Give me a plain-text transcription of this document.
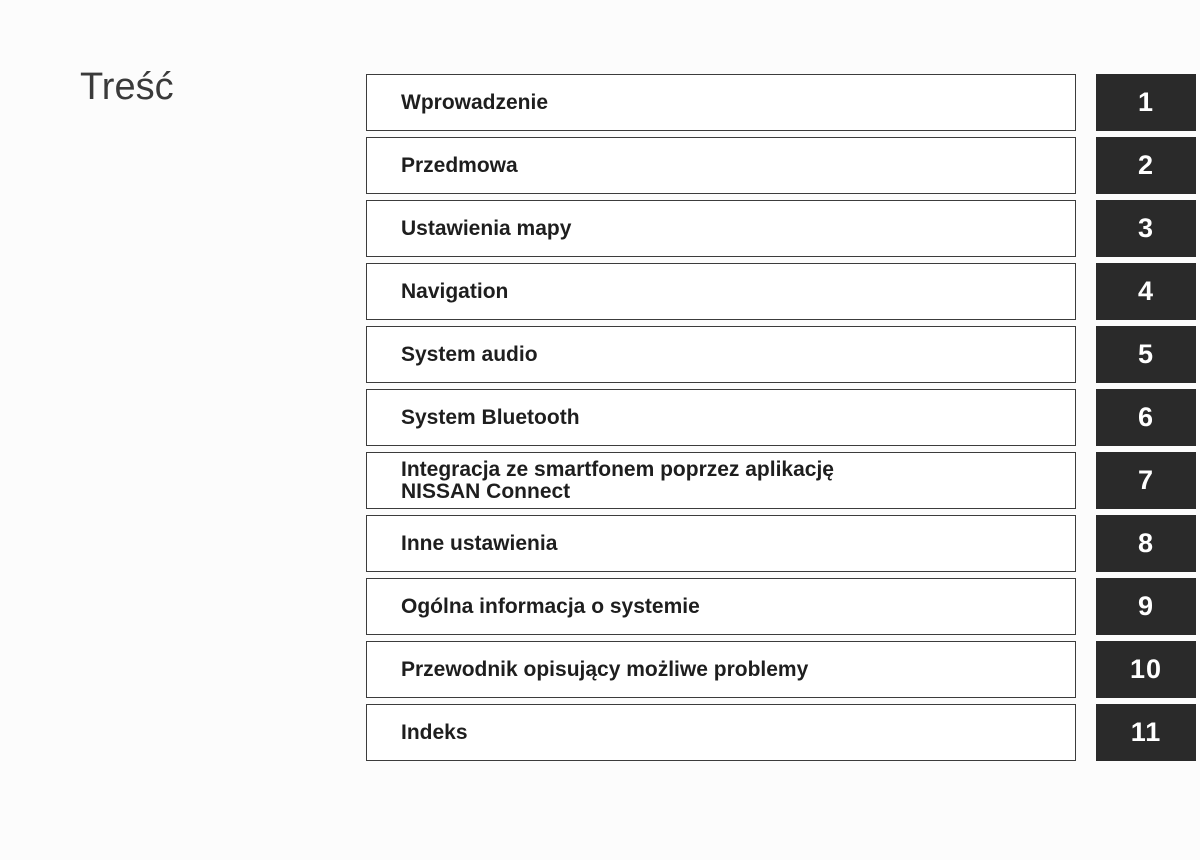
Treść	Wprowadzenie	1
Przedmowa	2
Ustawienia mapy	3
Navigation	4
System audio	5
System Bluetooth	6
Integracja ze smartfonem poprzez aplikację
NISSAN Connect	7
Inne ustawienia	8
Ogólna informacja o systemie	9
Przewodnik opisujący możliwe problemy	10
Indeks	11
